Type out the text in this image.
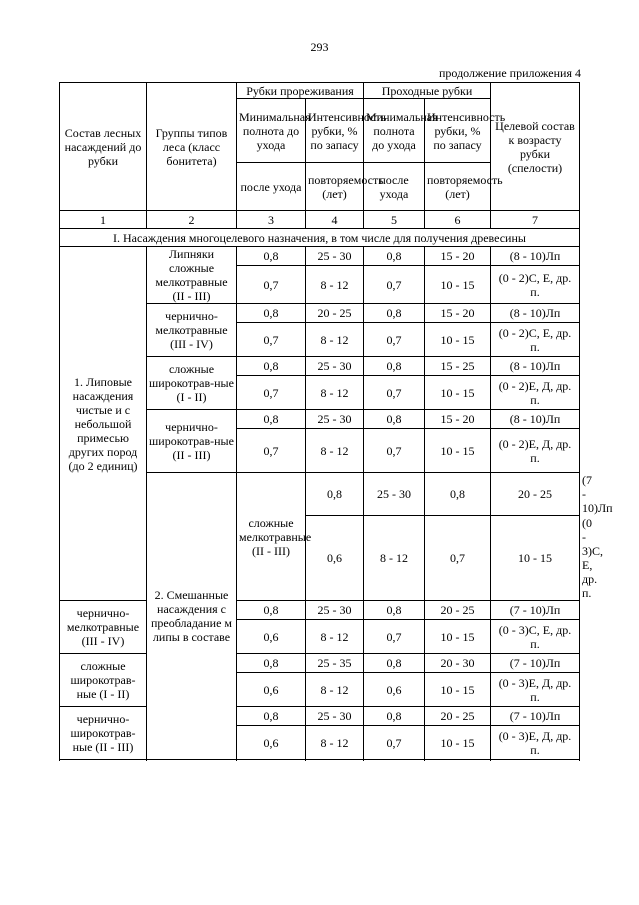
293
продолжение приложения 4
Состав лесных насаждений до рубки	Группы типов леса (класс бонитета)	Рубки прореживания		Проходные рубки		Целевой состав к возрасту рубки (спелости)	
		Минимальная полнота до ухода	Интенсивность рубки, % по запасу	Минимальная полнота до ухода	Интенсивность рубки, % по запасу		
		после ухода	повторяемость (лет)	после ухода	повторяемость (лет)		
1	2	3	4	5	6	7	
I. Насаждения многоцелевого назначения, в том числе для получения древесины							
1. Липовые насаждения чистые и с небольшой примесью других пород (до 2 единиц)	Липняки сложные мелкотравные (II - III)	0,8	25 - 30	0,8	15 - 20	(8 - 10)Лп	
		0,7	8 - 12	0,7	10 - 15	(0 - 2)С, Е, др. п.	

	чернично-мелкотравные (III - IV)	0,8	20 - 25	0,8	15 - 20	(8 - 10)Лп	
		0,7	8 - 12	0,7	10 - 15	(0 - 2)С, Е, др. п.	

	сложные широкотрав-ные (I - II)	0,8	25 - 30	0,8	15 - 25	(8 - 10)Лп	
		0,7	8 - 12	0,7	10 - 15	(0 - 2)Е, Д, др. п.	

	чернично-широкотрав-ные (II - III)	0,8	25 - 30	0,8	15 - 20	(8 - 10)Лп	
		0,7	8 - 12	0,7	10 - 15	(0 - 2)Е, Д, др. п.	

	2. Смешанные насаждения с преобладание м липы в составе	сложные мелкотравные (II - III)	0,8	25 - 30	0,8	20 - 25	(7 - 10)Лп
			0,6	8 - 12	0,7	10 - 15	(0 - 3)С, Е, др. п.

чернично-мелкотравные (III - IV)		0,8	25 - 30	0,8	20 - 25	(7 - 10)Лп	
		0,6	8 - 12	0,7	10 - 15	(0 - 3)С, Е, др. п.	

сложные широкотрав-ные (I - II)		0,8	25 - 35	0,8	20 - 30	(7 - 10)Лп	
		0,6	8 - 12	0,6	10 - 15	(0 - 3)Е, Д, др. п.	

чернично-широкотрав-ные (II - III)		0,8	25 - 30	0,8	20 - 25	(7 - 10)Лп	
		0,6	8 - 12	0,7	10 - 15	(0 - 3)Е, Д, др. п.	
